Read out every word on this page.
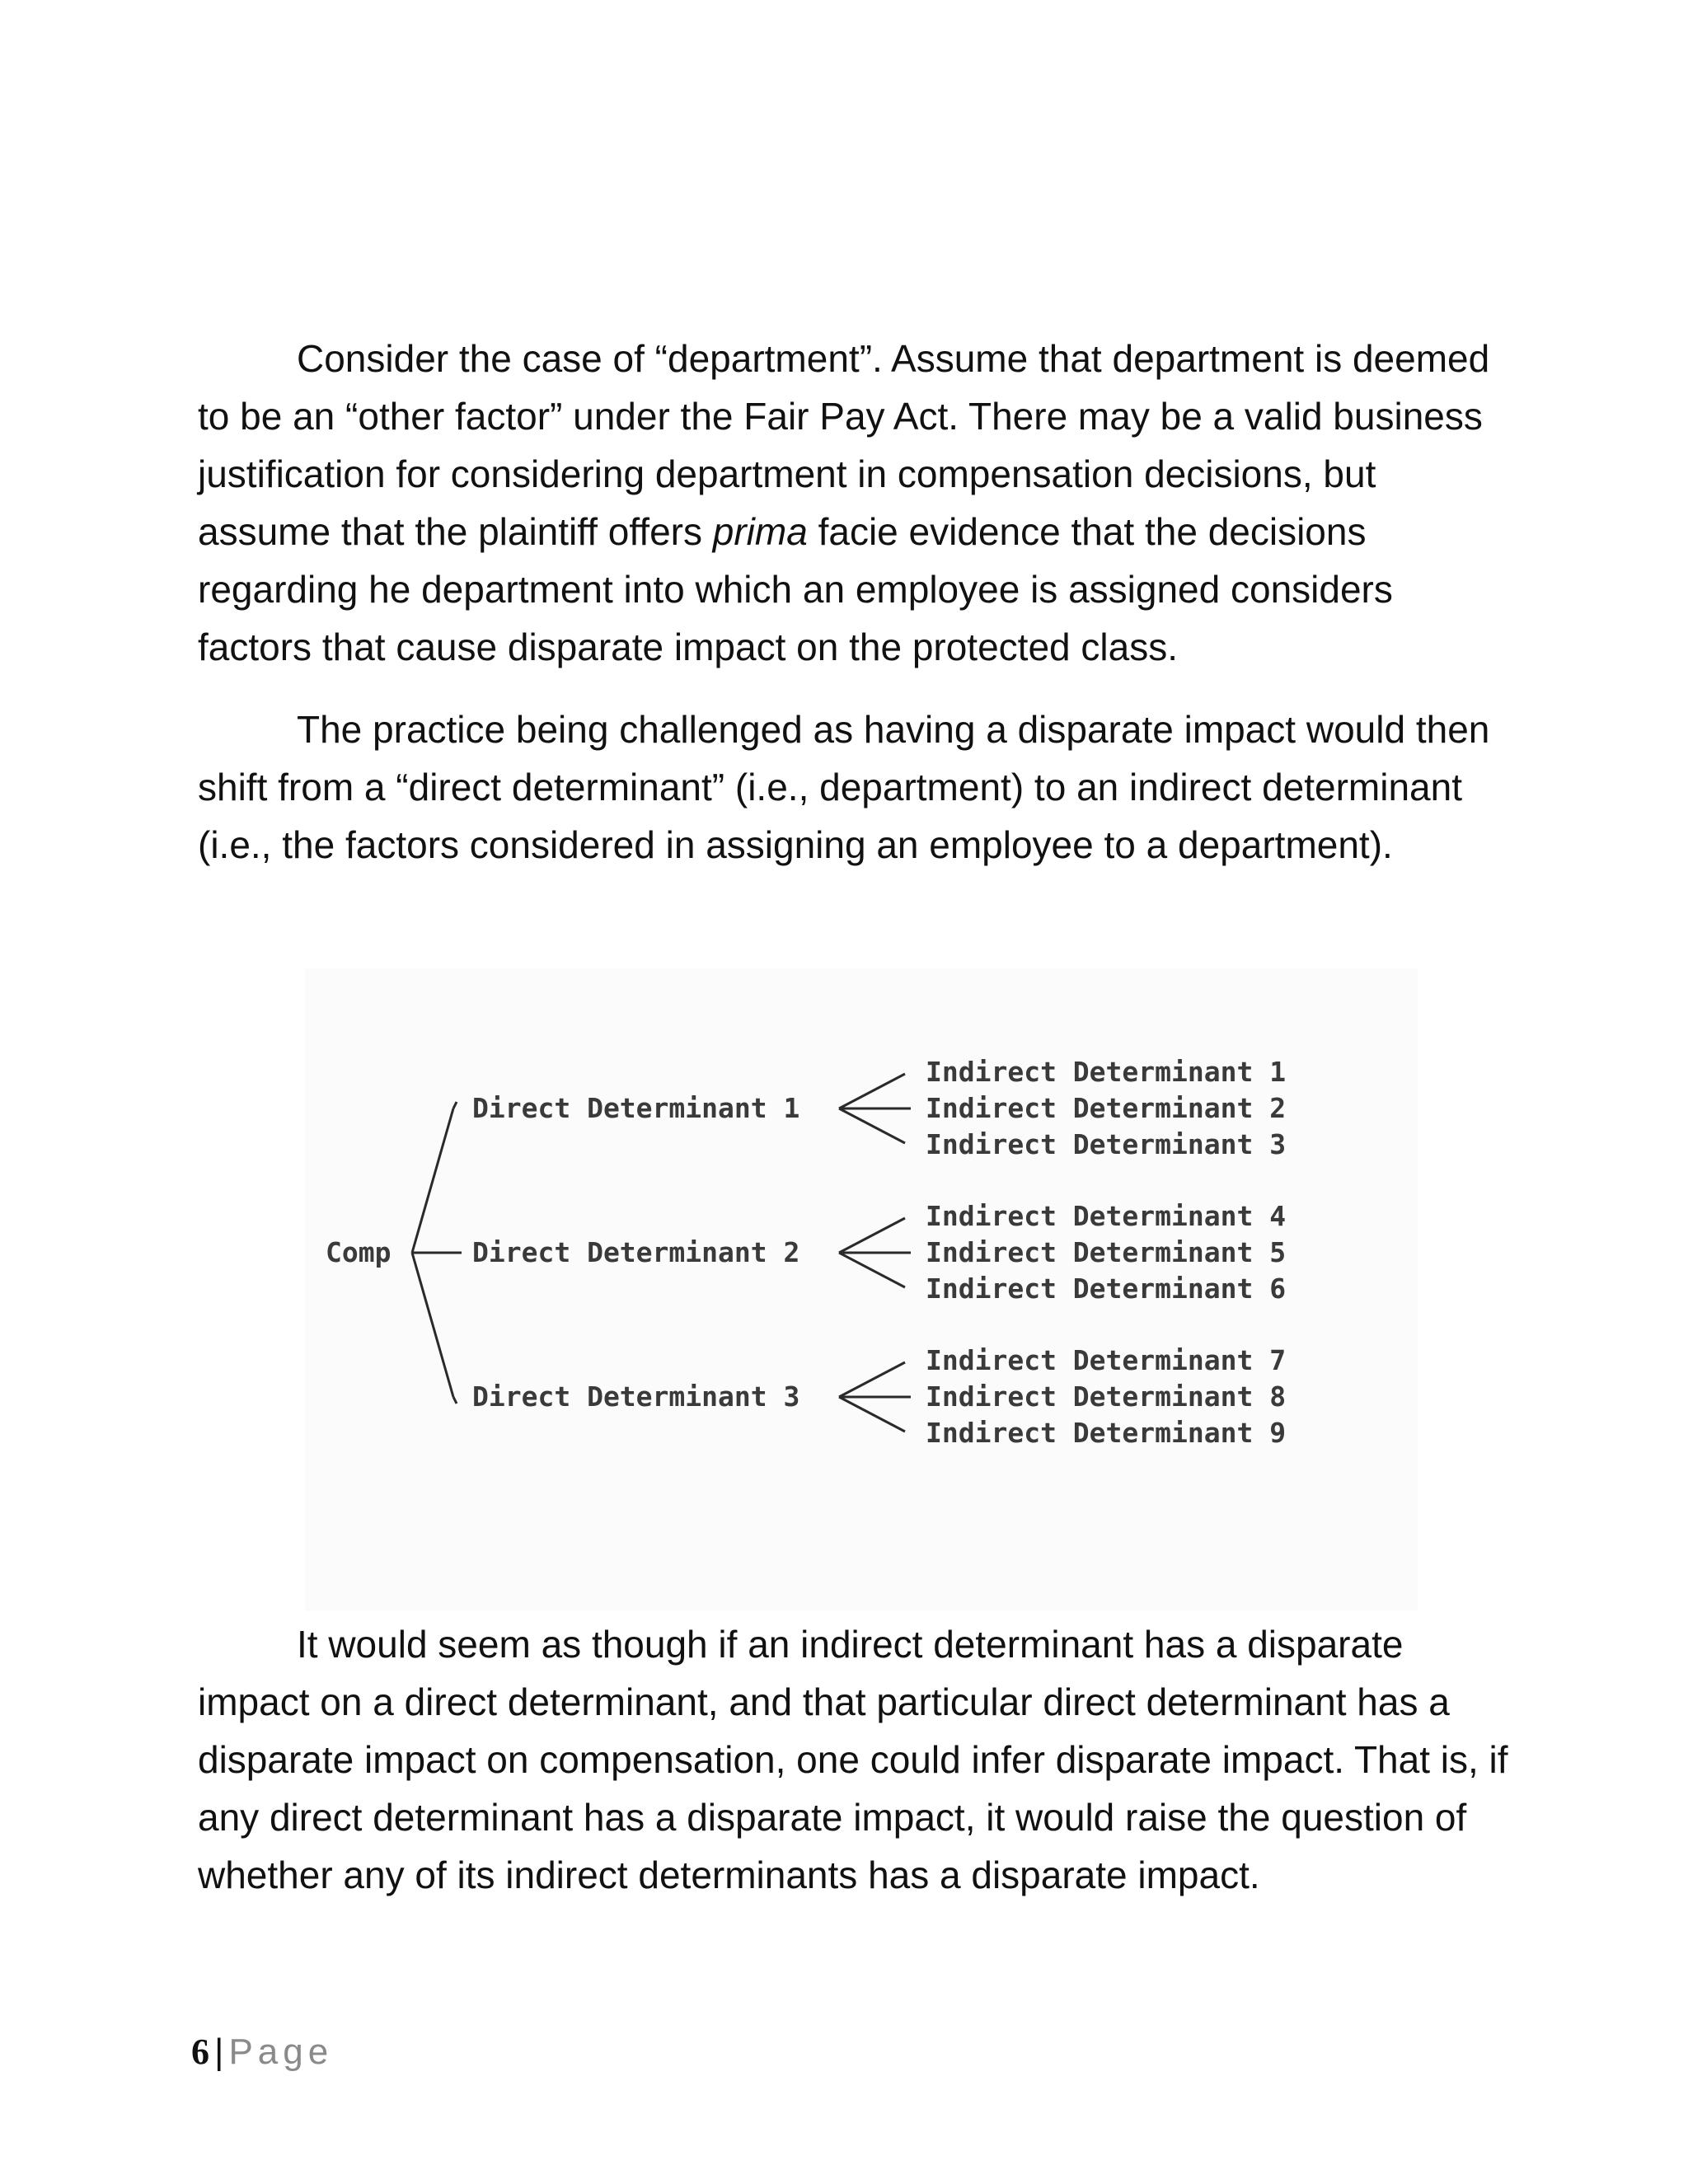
Consider the case of “department”. Assume that department is deemed to be an “other factor” under the Fair Pay Act. There may be a valid business justification for considering department in compensation decisions, but assume that the plaintiff offers prima facie evidence that the decisions regarding he department into which an employee is assigned considers factors that cause disparate impact on the protected class.

The practice being challenged as having a disparate impact would then shift from a “direct determinant” (i.e., department) to an indirect determinant (i.e., the factors considered in assigning an employee to a department).

Comp
Direct Determinant 1
Direct Determinant 2
Direct Determinant 3
Indirect Determinant 1
Indirect Determinant 2
Indirect Determinant 3
Indirect Determinant 4
Indirect Determinant 5
Indirect Determinant 6
Indirect Determinant 7
Indirect Determinant 8
Indirect Determinant 9

It would seem as though if an indirect determinant has a disparate impact on a direct determinant, and that particular direct determinant has a disparate impact on compensation, one could infer disparate impact. That is, if any direct determinant has a disparate impact, it would raise the question of whether any of its indirect determinants has a disparate impact.

6 | Page
